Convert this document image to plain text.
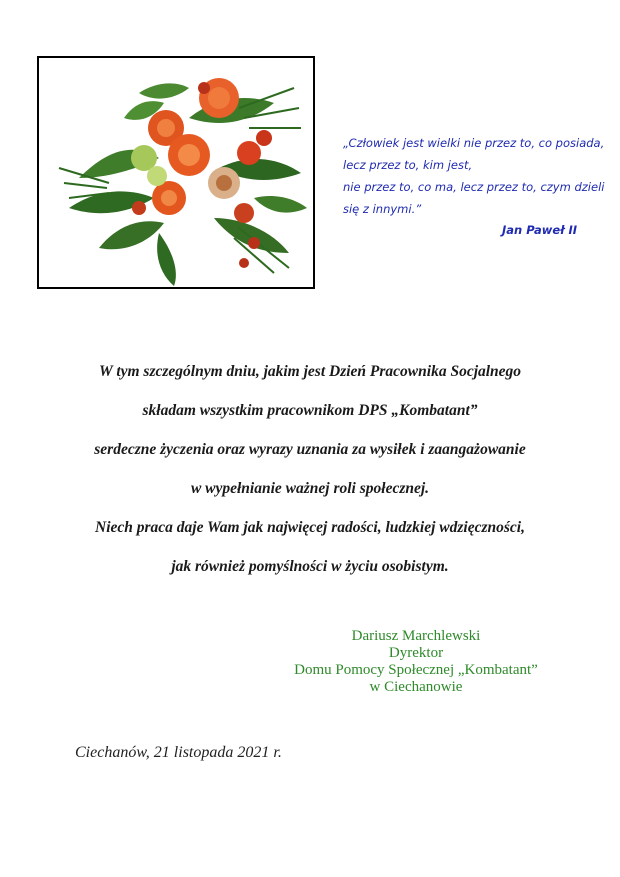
„Człowiek jest wielki nie przez to, co posiada,
lecz przez to, kim jest,
nie przez to, co ma, lecz przez to, czym dzieli
się z innymi.”
Jan Paweł II
W tym szczególnym dniu, jakim jest Dzień Pracownika Socjalnego
składam wszystkim pracownikom DPS „Kombatant”
serdeczne życzenia oraz wyrazy uznania za wysiłek i zaangażowanie
w wypełnianie ważnej roli społecznej.
Niech praca daje Wam jak najwięcej radości, ludzkiej wdzięczności,
jak również pomyślności w życiu osobistym.
Dariusz Marchlewski
Dyrektor
Domu Pomocy Społecznej „Kombatant”
w Ciechanowie
Ciechanów, 21 listopada 2021 r.
